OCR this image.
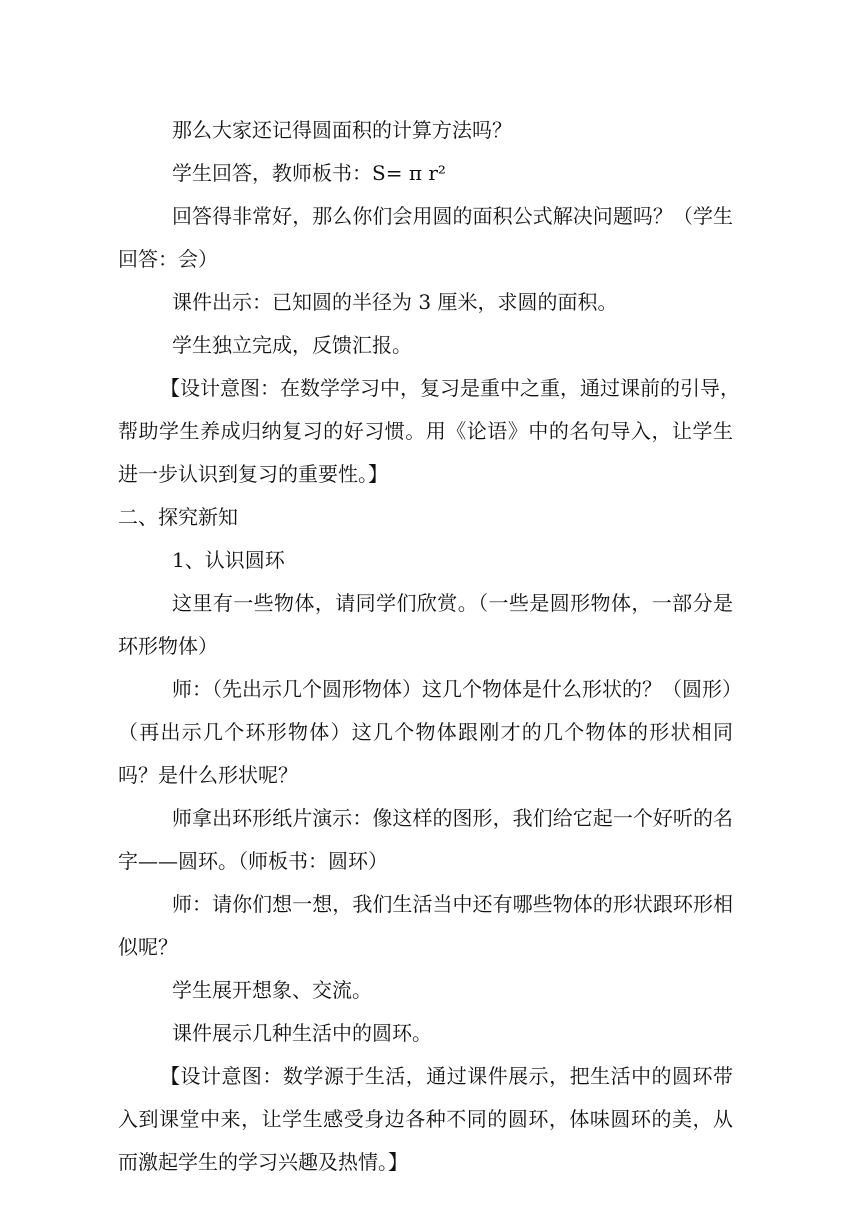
那么大家还记得圆面积的计算方法吗？
学生回答，教师板书：S= π r²
回答得非常好，那么你们会用圆的面积公式解决问题吗？（学生
回答：会）
课件出示：已知圆的半径为 3 厘米，求圆的面积。
学生独立完成，反馈汇报。
【设计意图：在数学学习中，复习是重中之重，通过课前的引导，
帮助学生养成归纳复习的好习惯。用《论语》中的名句导入，让学生
进一步认识到复习的重要性。】
二、探究新知
1、认识圆环
这里有一些物体，请同学们欣赏。（一些是圆形物体，一部分是
环形物体）
师：（先出示几个圆形物体）这几个物体是什么形状的？（圆形）
（再出示几个环形物体）这几个物体跟刚才的几个物体的形状相同
吗？是什么形状呢？
师拿出环形纸片演示：像这样的图形，我们给它起一个好听的名
字——圆环。（师板书：圆环）
师：请你们想一想，我们生活当中还有哪些物体的形状跟环形相
似呢？
学生展开想象、交流。
课件展示几种生活中的圆环。
【设计意图：数学源于生活，通过课件展示，把生活中的圆环带
入到课堂中来，让学生感受身边各种不同的圆环，体味圆环的美，从
而激起学生的学习兴趣及热情。】
